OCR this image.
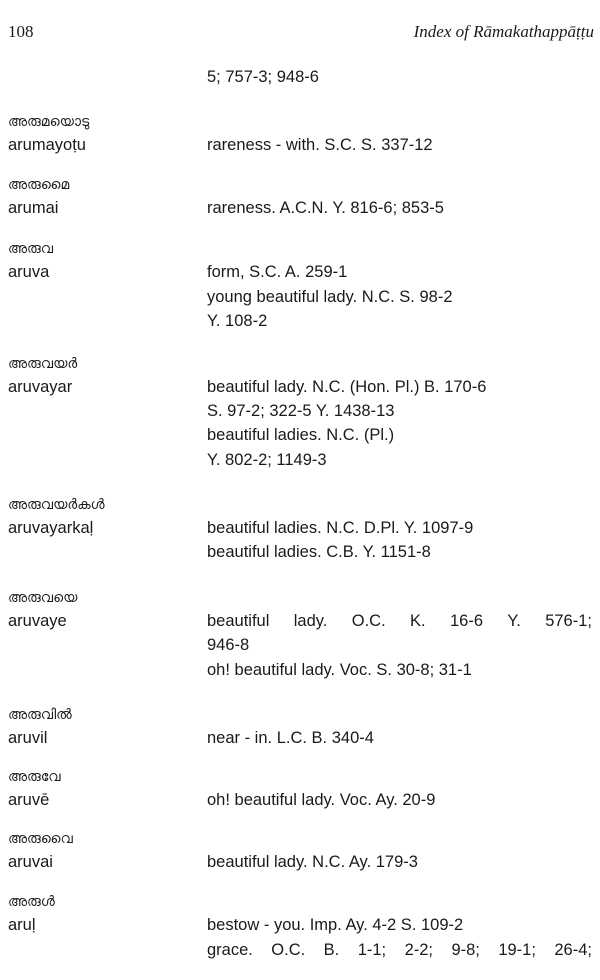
108	Index of Rāmakathappāṭṭu
5; 757-3; 948-6
അരുമയൊടു
arumayoṭu	rareness - with. S.C. S. 337-12
അരുമൈ
arumai	rareness. A.C.N. Y. 816-6; 853-5
അരുവ
aruva	form, S.C. A. 259-1
young beautiful lady. N.C. S. 98-2
Y. 108-2
അരുവയർ
aruvayar	beautiful lady. N.C. (Hon. Pl.) B. 170-6
S. 97-2; 322-5 Y. 1438-13
beautiful ladies. N.C. (Pl.)
Y. 802-2; 1149-3
അരുവയർകൾ
aruvayarkaḷ	beautiful ladies. N.C. D.Pl. Y. 1097-9
beautiful ladies. C.B. Y. 1151-8
അരുവയെ
aruvaye	beautiful lady. O.C. K. 16-6 Y. 576-1;
946-8
oh! beautiful lady. Voc. S. 30-8; 31-1
അരുവിൽ
aruvil	near - in. L.C. B. 340-4
അരുവേ
aruvē	oh! beautiful lady. Voc. Ay. 20-9
അരുവൈ
aruvai	beautiful lady. N.C. Ay. 179-3
അരുൾ
aruḷ	bestow - you. Imp. Ay. 4-2 S. 109-2
grace. O.C. B. 1-1; 2-2; 9-8; 19-1; 26-4;
